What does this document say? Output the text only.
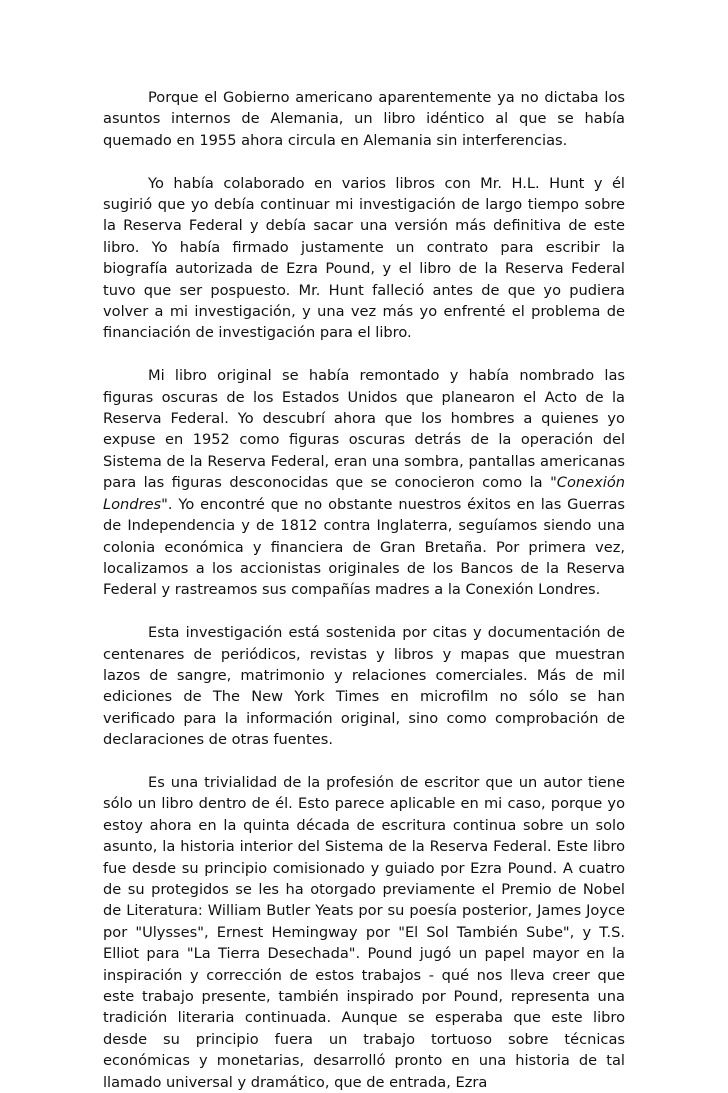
Porque el Gobierno americano aparentemente ya no dictaba los asuntos internos de Alemania, un libro idéntico al que se había quemado en 1955 ahora circula en Alemania sin interferencias.

Yo había colaborado en varios libros con Mr. H.L. Hunt y él sugirió que yo debía continuar mi investigación de largo tiempo sobre la Reserva Federal y debía sacar una versión más definitiva de este libro. Yo había firmado justamente un contrato para escribir la biografía autorizada de Ezra Pound, y el libro de la Reserva Federal tuvo que ser pospuesto. Mr. Hunt falleció antes de que yo pudiera volver a mi investigación, y una vez más yo enfrenté el problema de financiación de investigación para el libro.

Mi libro original se había remontado y había nombrado las figuras oscuras de los Estados Unidos que planearon el Acto de la Reserva Federal. Yo descubrí ahora que los hombres a quienes yo expuse en 1952 como figuras oscuras detrás de la operación del Sistema de la Reserva Federal, eran una sombra, pantallas americanas para las figuras desconocidas que se conocieron como la "Conexión Londres". Yo encontré que no obstante nuestros éxitos en las Guerras de Independencia y de 1812 contra Inglaterra, seguíamos siendo una colonia económica y financiera de Gran Bretaña. Por primera vez, localizamos a los accionistas originales de los Bancos de la Reserva Federal y rastreamos sus compañías madres a la Conexión Londres.

Esta investigación está sostenida por citas y documentación de centenares de periódicos, revistas y libros y mapas que muestran lazos de sangre, matrimonio y relaciones comerciales. Más de mil ediciones de The New York Times en microfilm no sólo se han verificado para la información original, sino como comprobación de declaraciones de otras fuentes.

Es una trivialidad de la profesión de escritor que un autor tiene sólo un libro dentro de él. Esto parece aplicable en mi caso, porque yo estoy ahora en la quinta década de escritura continua sobre un solo asunto, la historia interior del Sistema de la Reserva Federal. Este libro fue desde su principio comisionado y guiado por Ezra Pound. A cuatro de su protegidos se les ha otorgado previamente el Premio de Nobel de Literatura: William Butler Yeats por su poesía posterior, James Joyce por "Ulysses", Ernest Hemingway por "El Sol También Sube", y T.S. Elliot para "La Tierra Desechada". Pound jugó un papel mayor en la inspiración y corrección de estos trabajos - qué nos lleva creer que este trabajo presente, también inspirado por Pound, representa una tradición literaria continuada. Aunque se esperaba que este libro desde su principio fuera un trabajo tortuoso sobre técnicas económicas y monetarias, desarrolló pronto en una historia de tal llamado universal y dramático, que de entrada, Ezra
